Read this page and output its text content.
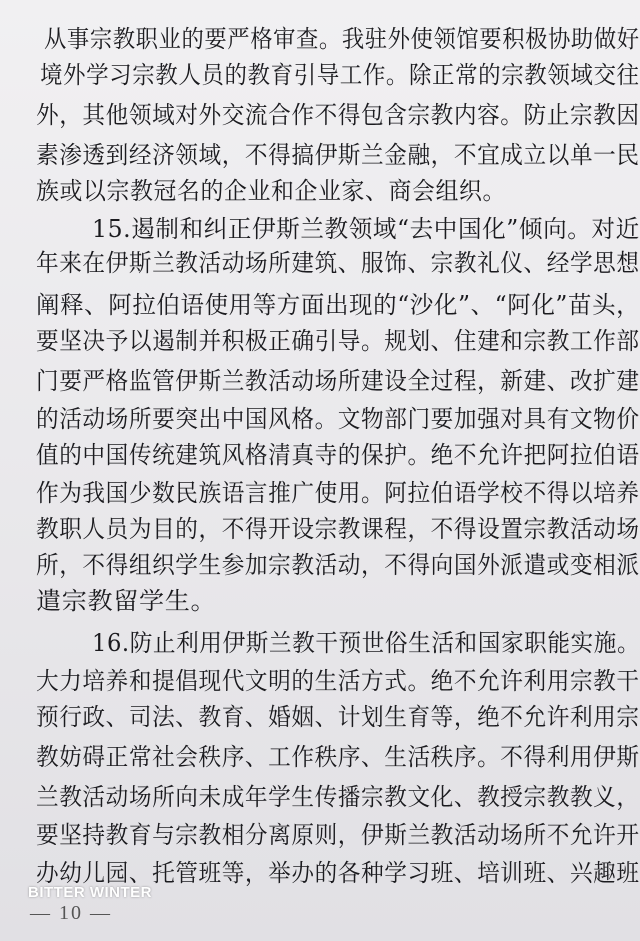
从事宗教职业的要严格审查。我驻外使领馆要积极协助做好
境外学习宗教人员的教育引导工作。除正常的宗教领域交往
外，其他领域对外交流合作不得包含宗教内容。防止宗教因
素渗透到经济领域，不得搞伊斯兰金融，不宜成立以单一民
族或以宗教冠名的企业和企业家、商会组织。
15.遏制和纠正伊斯兰教领域“去中国化”倾向。对近
年来在伊斯兰教活动场所建筑、服饰、宗教礼仪、经学思想
阐释、阿拉伯语使用等方面出现的“沙化”、“阿化”苗头，
要坚决予以遏制并积极正确引导。规划、住建和宗教工作部
门要严格监管伊斯兰教活动场所建设全过程，新建、改扩建
的活动场所要突出中国风格。文物部门要加强对具有文物价
值的中国传统建筑风格清真寺的保护。绝不允许把阿拉伯语
作为我国少数民族语言推广使用。阿拉伯语学校不得以培养
教职人员为目的，不得开设宗教课程，不得设置宗教活动场
所，不得组织学生参加宗教活动，不得向国外派遣或变相派
遣宗教留学生。
16.防止利用伊斯兰教干预世俗生活和国家职能实施。
大力培养和提倡现代文明的生活方式。绝不允许利用宗教干
预行政、司法、教育、婚姻、计划生育等，绝不允许利用宗
教妨碍正常社会秩序、工作秩序、生活秩序。不得利用伊斯
兰教活动场所向未成年学生传播宗教文化、教授宗教教义，
要坚持教育与宗教相分离原则，伊斯兰教活动场所不允许开
办幼儿园、托管班等，举办的各种学习班、培训班、兴趣班
BITTER WINTER
— 10 —
